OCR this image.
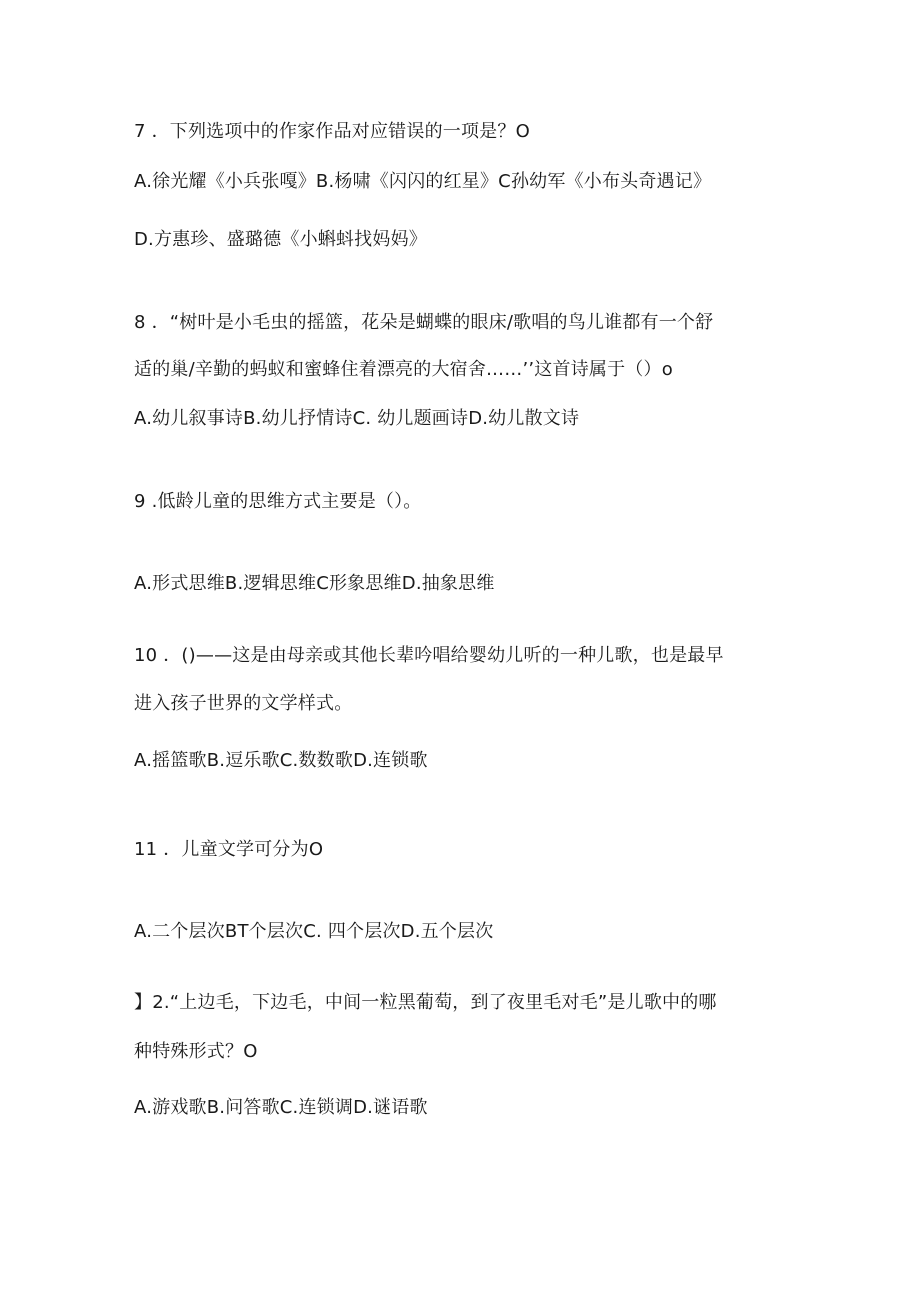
7 ．下列选项中的作家作品对应错误的一项是？O
A.徐光耀《小兵张嘎》B.杨啸《闪闪的红星》C孙幼军《小布头奇遇记》
D.方惠珍、盛璐德《小蝌蚪找妈妈》
8 ．“树叶是小毛虫的摇篮，花朵是蝴蝶的眼床/歌唱的鸟儿谁都有一个舒
适的巢/辛勤的蚂蚁和蜜蜂住着漂亮的大宿舍……’’这首诗属于（）o
A.幼儿叙事诗B.幼儿抒情诗C. 幼儿题画诗D.幼儿散文诗
9 .低龄儿童的思维方式主要是（）。
A.形式思维B.逻辑思维C形象思维D.抽象思维
10 ．()——这是由母亲或其他长辈吟唱给婴幼儿听的一种儿歌，也是最早
进入孩子世界的文学样式。
A.摇篮歌B.逗乐歌C.数数歌D.连锁歌
11 ．儿童文学可分为O
A.二个层次BT个层次C. 四个层次D.五个层次
】2.“上边毛，下边毛，中间一粒黑葡萄，到了夜里毛对毛”是儿歌中的哪
种特殊形式？O
A.游戏歌B.问答歌C.连锁调D.谜语歌
